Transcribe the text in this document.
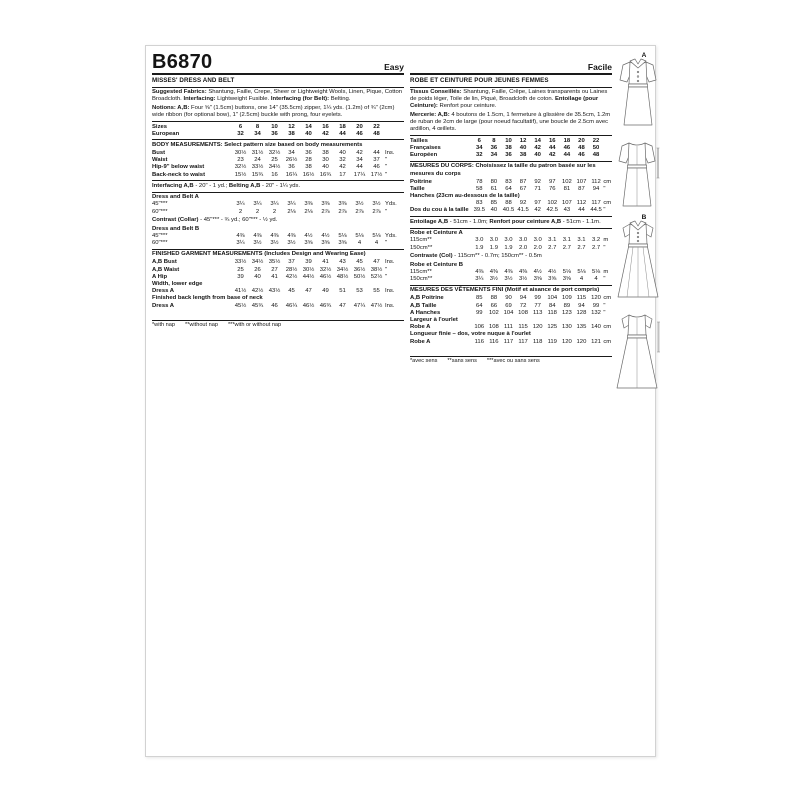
B6870	Easy
MISSES' DRESS AND BELT
Suggested Fabrics: Shantung, Faille, Crepe, Sheer or Lightweight Wools, Linen, Pique, Cotton Broadcloth. Interfacing: Lightweight Fusible. Interfacing (for Belt): Belting.
Notions: A,B: Four ⅝" (1.5cm) buttons, one 14" (35.5cm) zipper, 1¼ yds. (1.2m) of ¾" (2cm) wide ribbon (for optional bow), 1" (2.5cm) buckle with prong, four eyelets.
Sizes	6	8	10	12	14	16	18	20	22
European	32	34	36	38	40	42	44	46	48
BODY MEASUREMENTS: Select pattern size based on body measurements
Bust	30½ 31½ 32½	34	36	38	40	42	44 Ins.
Waist	23	24	25	26½	28	30	32	34	37 "
Hip-9" below waist	32½ 33½ 34½	36	38	40	42	44	46 "
Back-neck to waist	15½ 15¾	16	16¼ 16½ 16¾	17	17¼ 17½ "
Interfacing A,B - 20" - 1 yd.; Belting A,B - 20" - 1¼ yds.
Dress and Belt A
45"***	3¼	3¼	3¼	3¼	3⅜	3⅜	3⅜	3½	3½ Yds.
60"***	2	2	2	2⅛	2⅛	2⅞	2⅞	2⅞	2⅞ "
Contrast (Collar) - 45"*** - ¾ yd.; 60"*** - ½ yd.
Dress and Belt B
45"***	4⅜	4⅜	4⅜	4⅜	4½	4½	5⅛	5⅛	5⅛ Yds.
60"***	3¼	3½	3½	3½	3⅝	3⅝	3⅝	4	4	"
FINISHED GARMENT MEASUREMENTS (Includes Design and Wearing Ease)
A,B Bust	33½ 34½ 35½	37	39	41	43	45	47 Ins.
A,B Waist	25	26	27	28½ 30½ 32½ 34½ 36½ 38½ "
A Hip	39	40	41	42½ 44½ 46½ 48½ 50½ 52½ "
Width, lower edge
Dress A	41½ 42½ 43½	45	47	49	51	53	55 Ins.
Finished back length from base of neck
Dress A	45½ 45¾	46	46¼ 46½ 46¾	47	47¼ 47½ Ins.
*with nap **without nap ***with or without nap
Facile
ROBE ET CEINTURE POUR JEUNES FEMMES
Tissus Conseillés: Shantung, Faille, Crêpe, Laines transparents ou Laines de poids léger, Toile de lin, Piqué, Broadcloth de coton. Entoilage (pour Ceinture): Renfort pour ceinture.
Mercerie: A,B: 4 boutons de 1.5cm, 1 fermeture à glissière de 35.5cm, 1.2m de ruban de 2cm de large (pour noeud facultatif), une boucle de 2.5cm avec ardillon, 4 œillets.
Tailles	6	8	10	12	14	16	18	20	22
Françaises	34	36	38	40	42	44	46	48	50
Européen	32	34	36	38	40	42	44	46	48
MESURES DU CORPS: Choisissez la taille du patron basée sur les mesures du corps
Poitrine	78	80	83	87	92	97	102 107 112 cm
Taille	58	61	64	67	71	76	81	87	94 "
Hanches (23cm au-dessous de la taille)
83	85	88	92	97	102 107 112 117 cm
Dos du cou à la taille 39.5 40 40.5 41.5 42 42.5 43	44 44.5 "
Entoilage A,B - 51cm - 1.0m; Renfort pour ceinture A,B - 51cm - 1.1m.
Robe et Ceinture A
115cm**	3.0	3.0	3.0	3.0	3.0	3.1	3.1	3.1	3.2 m
150cm**	1.9	1.9	1.9	2.0	2.0	2.7	2.7	2.7	2.7 "
Contraste (Col) - 115cm** - 0.7m; 150cm** - 0.5m
Robe et Ceinture B
115cm**	4⅜	4⅜	4⅜	4⅜	4½	4½	5⅛	5⅛	5⅛ m
150cm**	3¼	3½	3½	3½	3⅝	3⅝	3⅝	4	4 "
MESURES DES VÊTEMENTS FINI (Motif et aisance de port compris)
A,B Poitrine	85	88	90	94	99	104 109 115 120 cm
A,B Taille	64	66	69	72	77	84	89	94	99 "
A Hanches	99	102 104 108 113 118 123 128 132 "
Largeur à l'ourlet
Robe A	106 108 111 115 120 125 130 135 140 cm
Longueur finie – dos, votre nuque à l'ourlet
Robe A	116 116 117 117 118 119 120 120 121 cm
*avec sens **sans sens ***avec ou sans sens
A
B
